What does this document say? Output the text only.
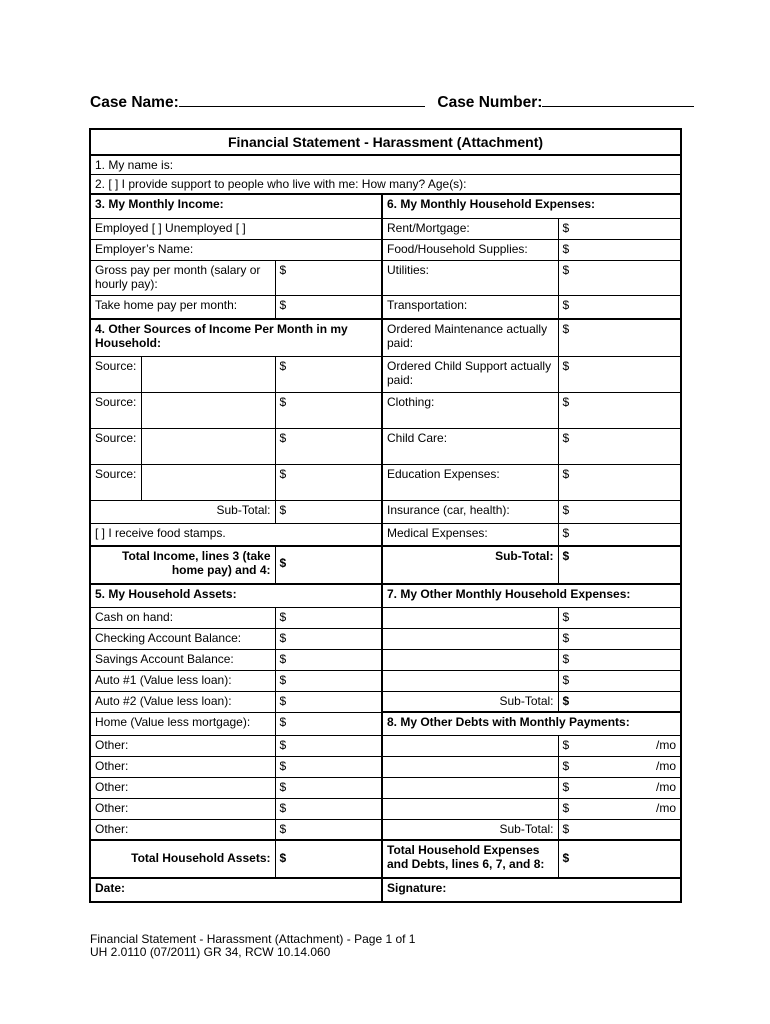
Case Name:	Case Number:
Financial Statement - Harassment (Attachment)				
1. My name is:				
2. [ ] I provide support to people who live with me: How many? Age(s):				
3. My Monthly Income:			6. My Monthly Household Expenses:	
Employed [ ] Unemployed [ ]			Rent/Mortgage:	$
Employer’s Name:			Food/Household Supplies:	$
Gross pay per month (salary or hourly pay):		$	Utilities:	$
Take home pay per month:		$	Transportation:	$
4. Other Sources of Income Per Month in my Household:			Ordered Maintenance actually paid:	$
Source:		$	Ordered Child Support actually paid:	$
Source:		$	Clothing:	$
Source:		$	Child Care:	$
Source:		$	Education Expenses:	$
Sub-Total:		$	Insurance (car, health):	$
[ ] I receive food stamps.			Medical Expenses:	$
Total Income, lines 3 (take home pay) and 4:		$	Sub-Total:	$
5. My Household Assets:			7. My Other Monthly Household Expenses:	
Cash on hand:		$		$
Checking Account Balance:		$		$
Savings Account Balance:		$		$
Auto #1 (Value less loan):		$		$
Auto #2 (Value less loan):		$	Sub-Total:	$
Home (Value less mortgage):		$	8. My Other Debts with Monthly Payments:	
Other:		$		$ /mo

Other:		$		$ /mo

Other:		$		$ /mo

Other:		$		$ /mo

Other:		$	Sub-Total:	$
Total Household Assets:		$	Total Household Expenses and Debts, lines 6, 7, and 8:	$
Date:			Signature:	
Financial Statement - Harassment (Attachment) - Page 1 of 1
UH 2.0110 (07/2011) GR 34, RCW 10.14.060
